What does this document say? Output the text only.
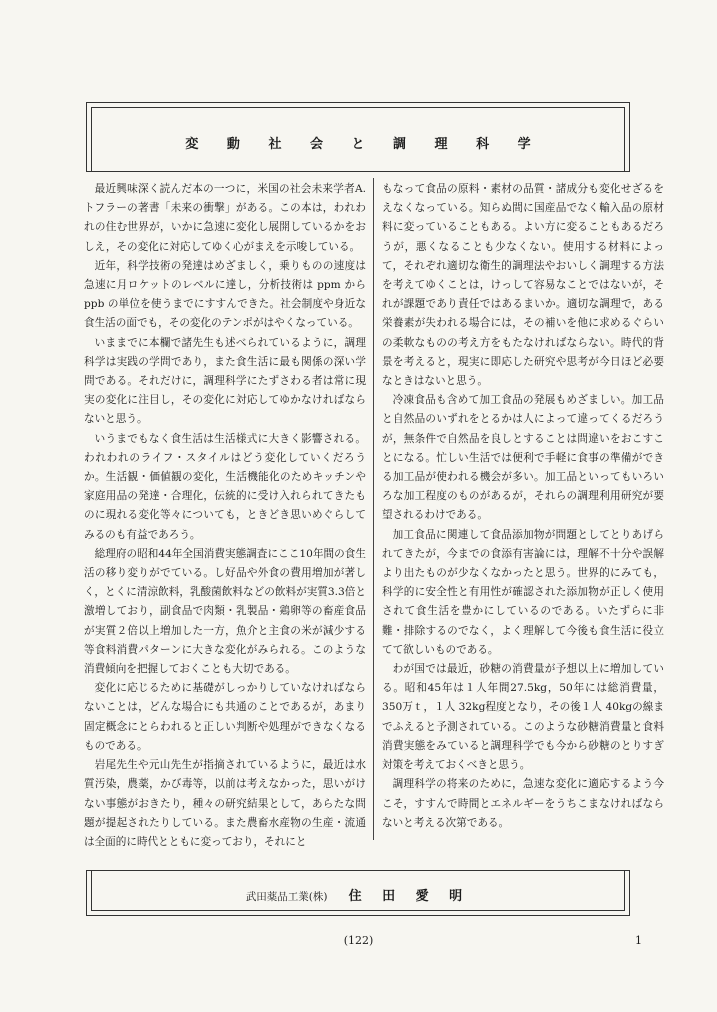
変 動 社 会 と 調 理 科 学

最近興味深く読んだ本の一つに，米国の社会未来学者A.トフラーの著書「未来の衝撃」がある。この本は，われわれの住む世界が，いかに急速に変化し展開しているかをおしえ，その変化に対応してゆく心がまえを示唆している。

近年，科学技術の発達はめざましく，乗りものの速度は急速に月ロケットのレベルに達し，分析技術は ppm から ppb の単位を使うまでにすすんできた。社会制度や身近な食生活の面でも，その変化のテンポがはやくなっている。

いままでに本欄で諸先生も述べられているように，調理科学は実践の学問であり，また食生活に最も関係の深い学問である。それだけに，調理科学にたずさわる者は常に現実の変化に注目し，その変化に対応してゆかなければならないと思う。

いうまでもなく食生活は生活様式に大きく影響される。われわれのライフ・スタイルはどう変化していくだろうか。生活観・価値観の変化，生活機能化のためキッチンや家庭用品の発達・合理化，伝統的に受け入れられてきたものに現れる変化等々についても，ときどき思いめぐらしてみるのも有益であろう。

総理府の昭和44年全国消費実態調査にここ10年間の食生活の移り変りがでている。し好品や外食の費用増加が著しく，とくに清涼飲料，乳酸菌飲料などの飲料が実質3.3倍と激増しており，副食品で肉類・乳製品・鶏卵等の畜産食品が実質２倍以上増加した一方，魚介と主食の米が減少する等食料消費パターンに大きな変化がみられる。このような消費傾向を把握しておくことも大切である。

変化に応じるために基礎がしっかりしていなければならないことは，どんな場合にも共通のことであるが，あまり固定概念にとらわれると正しい判断や処理ができなくなるものである。

岩尾先生や元山先生が指摘されているように，最近は水質汚染，農薬，かび毒等，以前は考えなかった，思いがけない事態がおきたり，種々の研究結果として，あらたな問題が提起されたりしている。また農畜水産物の生産・流通は全面的に時代とともに変っており，それにと

もなって食品の原料・素材の品質・諸成分も変化せざるをえなくなっている。知らぬ間に国産品でなく輸入品の原材料に変っていることもある。よい方に変ることもあるだろうが，悪くなることも少なくない。使用する材料によって，それぞれ適切な衛生的調理法やおいしく調理する方法を考えてゆくことは，けっして容易なことではないが，それが課題であり責任ではあるまいか。適切な調理で，ある栄養素が失われる場合には，その補いを他に求めるぐらいの柔軟なものの考え方をもたなければならない。時代的背景を考えると，現実に即応した研究や思考が今日ほど必要なときはないと思う。

冷凍食品も含めて加工食品の発展もめざましい。加工品と自然品のいずれをとるかは人によって違ってくるだろうが，無条件で自然品を良しとすることは問違いをおこすことになる。忙しい生活では便利で手軽に食事の準備ができる加工品が使われる機会が多い。加工品といってもいろいろな加工程度のものがあるが，それらの調理利用研究が要望されるわけである。

加工食品に関連して食品添加物が問題としてとりあげられてきたが，今までの食添有害論には，理解不十分や誤解より出たものが少なくなかったと思う。世界的にみても，科学的に安全性と有用性が確認された添加物が正しく使用されて食生活を豊かにしているのである。いたずらに非難・排除するのでなく，よく理解して今後も食生活に役立てて欲しいものである。

わが国では最近，砂糖の消費量が予想以上に増加している。昭和45年は１人年間27.5kg，50年には総消費量，350万ｔ，１人 32kg程度となり，その後１人 40kgの線までふえると予測されている。このような砂糖消費量と食料消費実態をみていると調理科学でも今から砂糖のとりすぎ対策を考えておくべきと思う。

調理科学の将来のために，急速な変化に適応するよう今こそ，すすんで時間とエネルギーをうちこまなければならないと考える次第である。

武田薬品工業(株) 住 田 愛 明
(122)	1
